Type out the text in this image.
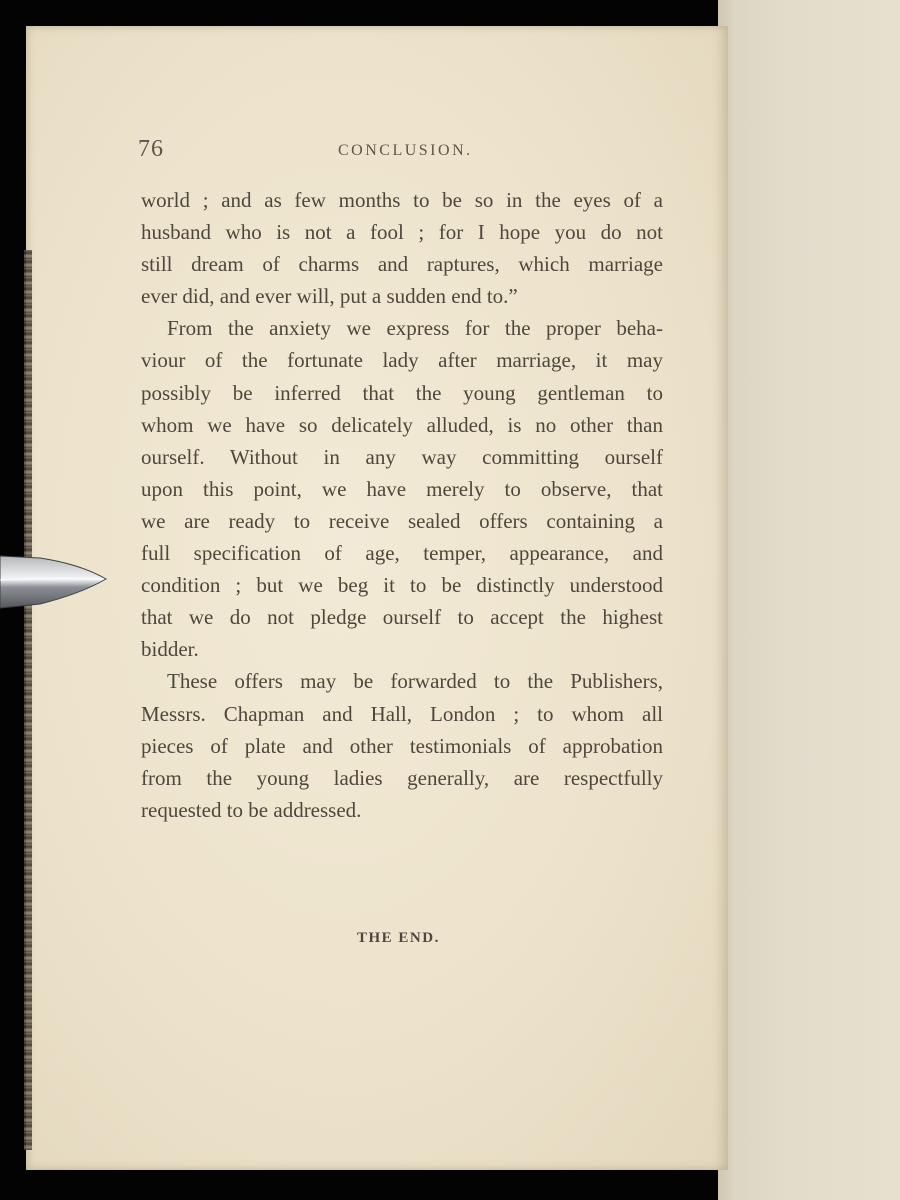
76	CONCLUSION.
world ; and as few months to be so in the eyes of a
husband who is not a fool ; for I hope you do not
still dream of charms and raptures, which marriage
ever did, and ever will, put a sudden end to.”
From the anxiety we express for the proper beha-
viour of the fortunate lady after marriage, it may
possibly be inferred that the young gentleman to
whom we have so delicately alluded, is no other than
ourself. Without in any way committing ourself
upon this point, we have merely to observe, that
we are ready to receive sealed offers containing a
full specification of age, temper, appearance, and
condition ; but we beg it to be distinctly understood
that we do not pledge ourself to accept the highest
bidder.
These offers may be forwarded to the Publishers,
Messrs. Chapman and Hall, London ; to whom all
pieces of plate and other testimonials of approbation
from the young ladies generally, are respectfully
requested to be addressed.
THE END.
